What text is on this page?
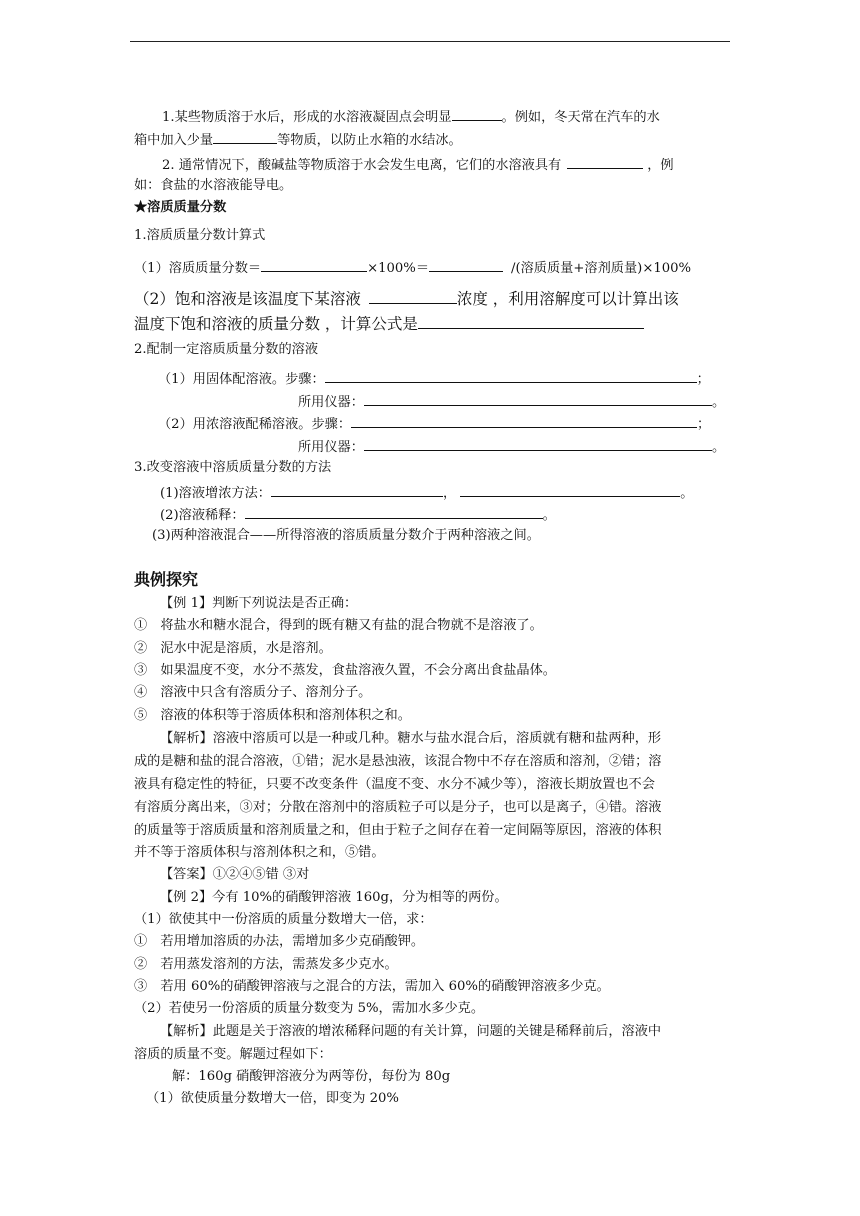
1.某些物质溶于水后，形成的水溶液凝固点会明显	。例如，冬天常在汽车的水
箱中加入少量	等物质，以防止水箱的水结冰。
2. 通常情况下，酸碱盐等物质溶于水会发生电离，它们的水溶液具有	，例
如：食盐的水溶液能导电。
★溶质质量分数
1.溶质质量分数计算式
（1）溶质质量分数＝	×100%＝	/(溶质质量+溶剂质量)×100%
（2）饱和溶液是该温度下某溶液	浓度 ，利用溶解度可以计算出该
温度下饱和溶液的质量分数 ，计算公式是
2.配制一定溶质质量分数的溶液
（1）用固体配溶液。步骤：	；
所用仪器：	。
（2）用浓溶液配稀溶液。步骤：	；
所用仪器：	。
3.改变溶液中溶质质量分数的方法
(1)溶液增浓方法：	，	。
(2)溶液稀释：	。
(3)两种溶液混合——所得溶液的溶质质量分数介于两种溶液之间。
典例探究
【例 1】判断下列说法是否正确：
①　将盐水和糖水混合，得到的既有糖又有盐的混合物就不是溶液了。
②　泥水中泥是溶质，水是溶剂。
③　如果温度不变，水分不蒸发，食盐溶液久置，不会分离出食盐晶体。
④　溶液中只含有溶质分子、溶剂分子。
⑤　溶液的体积等于溶质体积和溶剂体积之和。
【解析】溶液中溶质可以是一种或几种。糖水与盐水混合后，溶质就有糖和盐两种，形
成的是糖和盐的混合溶液，①错；泥水是悬浊液，该混合物中不存在溶质和溶剂，②错；溶
液具有稳定性的特征，只要不改变条件（温度不变、水分不减少等），溶液长期放置也不会
有溶质分离出来，③对；分散在溶剂中的溶质粒子可以是分子，也可以是离子，④错。溶液
的质量等于溶质质量和溶剂质量之和，但由于粒子之间存在着一定间隔等原因，溶液的体积
并不等于溶质体积与溶剂体积之和，⑤错。
【答案】①②④⑤错 ③对
【例 2】今有 10%的硝酸钾溶液 160g，分为相等的两份。
（1）欲使其中一份溶质的质量分数增大一倍，求：
①　若用增加溶质的办法，需增加多少克硝酸钾。
②　若用蒸发溶剂的方法，需蒸发多少克水。
③　若用 60%的硝酸钾溶液与之混合的方法，需加入 60%的硝酸钾溶液多少克。
（2）若使另一份溶质的质量分数变为 5%，需加水多少克。
【解析】此题是关于溶液的增浓稀释问题的有关计算，问题的关键是稀释前后，溶液中
溶质的质量不变。解题过程如下：
解：160g 硝酸钾溶液分为两等份，每份为 80g
（1）欲使质量分数增大一倍，即变为 20%
